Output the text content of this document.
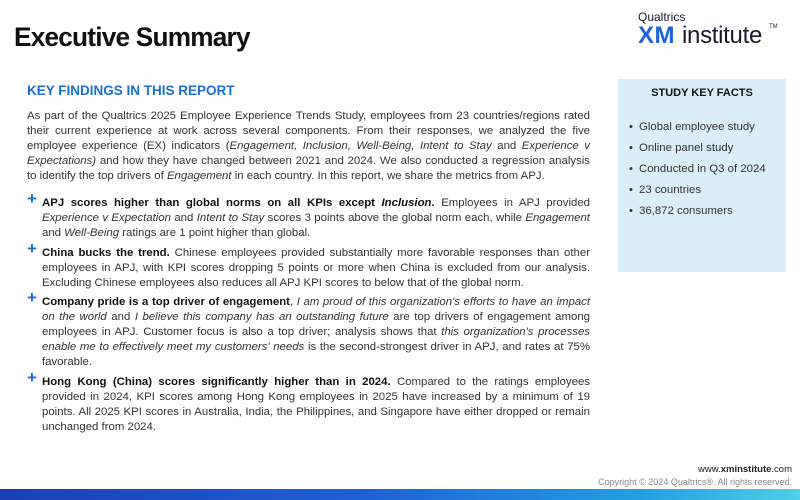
Executive Summary
Qualtrics
XM institute TM
KEY FINDINGS IN THIS REPORT

As part of the Qualtrics 2025 Employee Experience Trends Study, employees from 23 countries/regions rated their current experience at work across several components. From their responses, we analyzed the five employee experience (EX) indicators (Engagement, Inclusion, Well-Being, Intent to Stay and Experience v Expectations) and how they have changed between 2021 and 2024. We also conducted a regression analysis to identify the top drivers of Engagement in each country. In this report, we share the metrics from APJ.

+ APJ scores higher than global norms on all KPIs except Inclusion. Employees in APJ provided Experience v Expectation and Intent to Stay scores 3 points above the global norm each, while Engagement and Well-Being ratings are 1 point higher than global.
+ China bucks the trend. Chinese employees provided substantially more favorable responses than other employees in APJ, with KPI scores dropping 5 points or more when China is excluded from our analysis. Excluding Chinese employees also reduces all APJ KPI scores to below that of the global norm.
+ Company pride is a top driver of engagement, I am proud of this organization's efforts to have an impact on the world and I believe this company has an outstanding future are top drivers of engagement among employees in APJ. Customer focus is also a top driver; analysis shows that this organization's processes enable me to effectively meet my customers' needs is the second-strongest driver in APJ, and rates at 75% favorable.
+ Hong Kong (China) scores significantly higher than in 2024. Compared to the ratings employees provided in 2024, KPI scores among Hong Kong employees in 2025 have increased by a minimum of 19 points. All 2025 KPI scores in Australia, India, the Philippines, and Singapore have either dropped or remain unchanged from 2024.
STUDY KEY FACTS
• Global employee study
• Online panel study
• Conducted in Q3 of 2024
• 23 countries
• 36,872 consumers
www.xminstitute.com
Copyright © 2024 Qualtrics®. All rights reserved.
